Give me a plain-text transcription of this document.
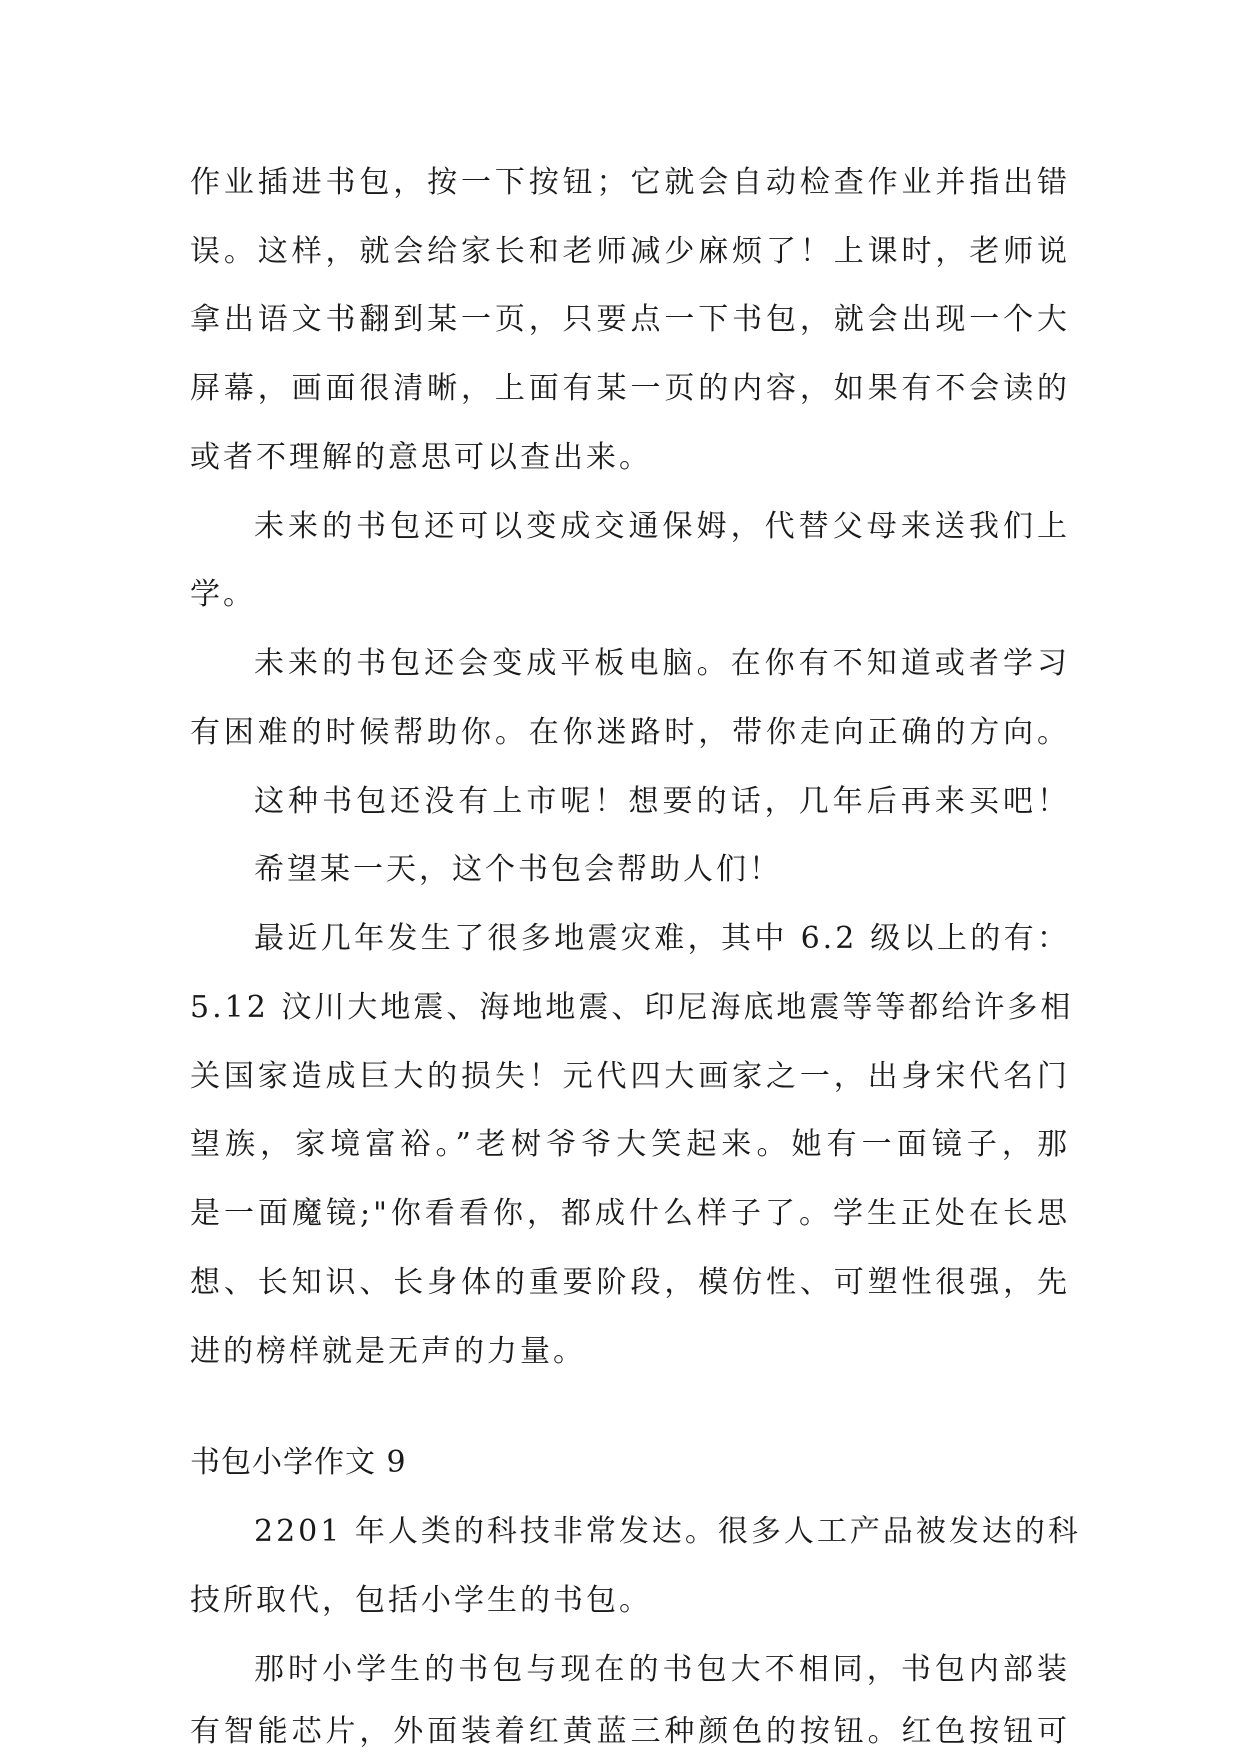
作业插进书包，按一下按钮；它就会自动检查作业并指出错
误。这样，就会给家长和老师减少麻烦了！上课时，老师说
拿出语文书翻到某一页，只要点一下书包，就会出现一个大
屏幕，画面很清晰，上面有某一页的内容，如果有不会读的
或者不理解的意思可以查出来。
未来的书包还可以变成交通保姆，代替父母来送我们上
学。
未来的书包还会变成平板电脑。在你有不知道或者学习
有困难的时候帮助你。在你迷路时，带你走向正确的方向。
这种书包还没有上市呢！想要的话，几年后再来买吧！
希望某一天，这个书包会帮助人们！
最近几年发生了很多地震灾难，其中 6.2 级以上的有：
5.12 汶川大地震、海地地震、印尼海底地震等等都给许多相
关国家造成巨大的损失！元代四大画家之一，出身宋代名门
望族，家境富裕。”老树爷爷大笑起来。她有一面镜子，那
是一面魔镜;"你看看你，都成什么样子了。学生正处在长思
想、长知识、长身体的重要阶段，模仿性、可塑性很强，先
进的榜样就是无声的力量。
书包小学作文 9
2201 年人类的科技非常发达。很多人工产品被发达的科
技所取代，包括小学生的书包。
那时小学生的书包与现在的书包大不相同，书包内部装
有智能芯片，外面装着红黄蓝三种颜色的按钮。红色按钮可
